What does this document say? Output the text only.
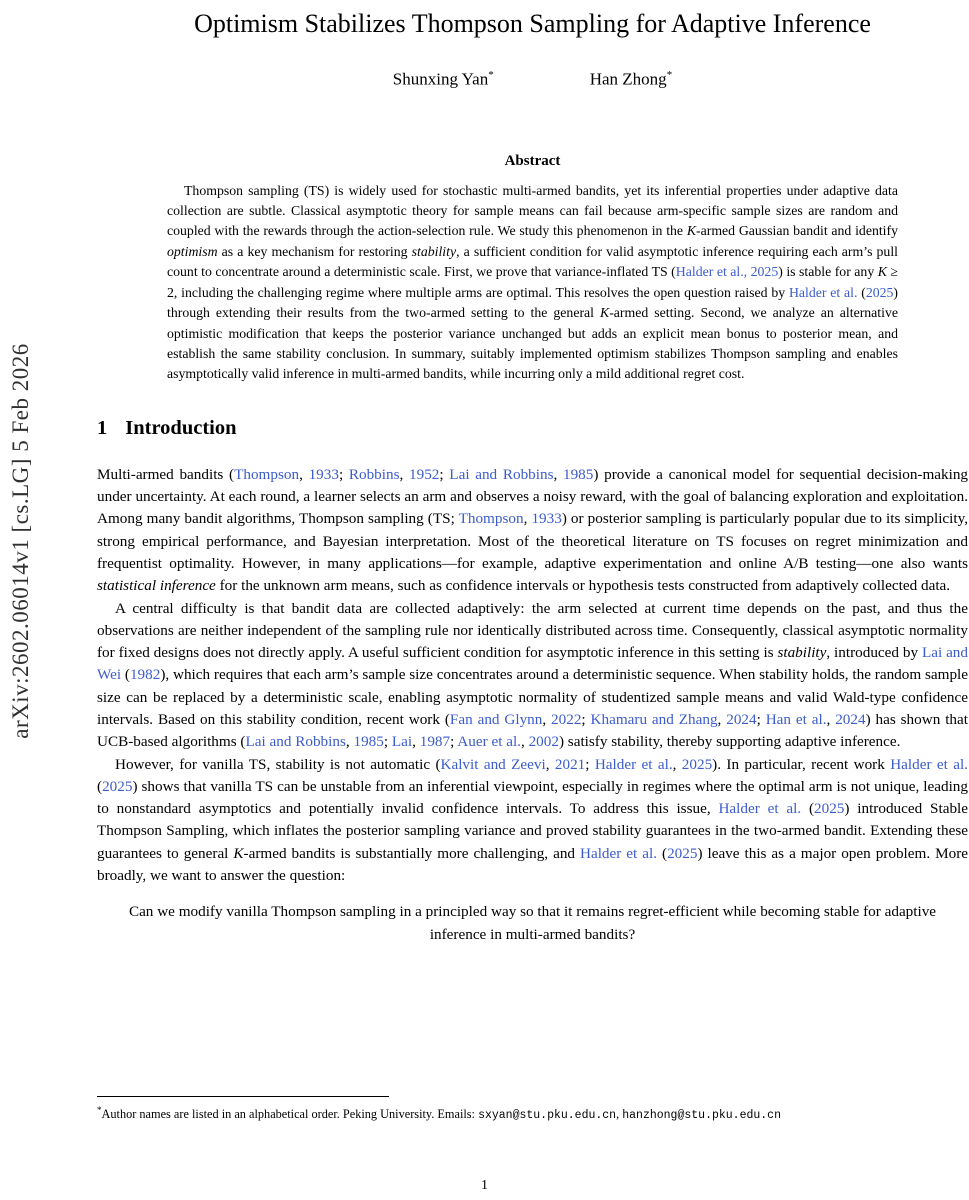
arXiv:2602.06014v1 [cs.LG] 5 Feb 2026
Optimism Stabilizes Thompson Sampling for Adaptive Inference
Shunxing Yan*	Han Zhong*
Abstract

Thompson sampling (TS) is widely used for stochastic multi-armed bandits, yet its inferential properties under adaptive data collection are subtle. Classical asymptotic theory for sample means can fail because arm-specific sample sizes are random and coupled with the rewards through the action-selection rule. We study this phenomenon in the K-armed Gaussian bandit and identify optimism as a key mechanism for restoring stability, a sufficient condition for valid asymptotic inference requiring each arm’s pull count to concentrate around a deterministic scale. First, we prove that variance-inflated TS (Halder et al., 2025) is stable for any K ≥ 2, including the challenging regime where multiple arms are optimal. This resolves the open question raised by Halder et al. (2025) through extending their results from the two-armed setting to the general K-armed setting. Second, we analyze an alternative optimistic modification that keeps the posterior variance unchanged but adds an explicit mean bonus to posterior mean, and establish the same stability conclusion. In summary, suitably implemented optimism stabilizes Thompson sampling and enables asymptotically valid inference in multi-armed bandits, while incurring only a mild additional regret cost.

1 Introduction

Multi-armed bandits (Thompson, 1933; Robbins, 1952; Lai and Robbins, 1985) provide a canonical model for sequential decision-making under uncertainty. At each round, a learner selects an arm and observes a noisy reward, with the goal of balancing exploration and exploitation. Among many bandit algorithms, Thompson sampling (TS; Thompson, 1933) or posterior sampling is particularly popular due to its simplicity, strong empirical performance, and Bayesian interpretation. Most of the theoretical literature on TS focuses on regret minimization and frequentist optimality. However, in many applications—for example, adaptive experimentation and online A/B testing—one also wants statistical inference for the unknown arm means, such as confidence intervals or hypothesis tests constructed from adaptively collected data.

A central difficulty is that bandit data are collected adaptively: the arm selected at current time depends on the past, and thus the observations are neither independent of the sampling rule nor identically distributed across time. Consequently, classical asymptotic normality for fixed designs does not directly apply. A useful sufficient condition for asymptotic inference in this setting is stability, introduced by Lai and Wei (1982), which requires that each arm’s sample size concentrates around a deterministic sequence. When stability holds, the random sample size can be replaced by a deterministic scale, enabling asymptotic normality of studentized sample means and valid Wald-type confidence intervals. Based on this stability condition, recent work (Fan and Glynn, 2022; Khamaru and Zhang, 2024; Han et al., 2024) has shown that UCB-based algorithms (Lai and Robbins, 1985; Lai, 1987; Auer et al., 2002) satisfy stability, thereby supporting adaptive inference.

However, for vanilla TS, stability is not automatic (Kalvit and Zeevi, 2021; Halder et al., 2025). In particular, recent work Halder et al. (2025) shows that vanilla TS can be unstable from an inferential viewpoint, especially in regimes where the optimal arm is not unique, leading to nonstandard asymptotics and potentially invalid confidence intervals. To address this issue, Halder et al. (2025) introduced Stable Thompson Sampling, which inflates the posterior sampling variance and proved stability guarantees in the two-armed bandit. Extending these guarantees to general K-armed bandits is substantially more challenging, and Halder et al. (2025) leave this as a major open problem. More broadly, we want to answer the question:

Can we modify vanilla Thompson sampling in a principled way so that it remains regret-efficient while becoming stable for adaptive inference in multi-armed bandits?
*Author names are listed in an alphabetical order. Peking University. Emails: sxyan@stu.pku.edu.cn, hanzhong@stu.pku.edu.cn
1
